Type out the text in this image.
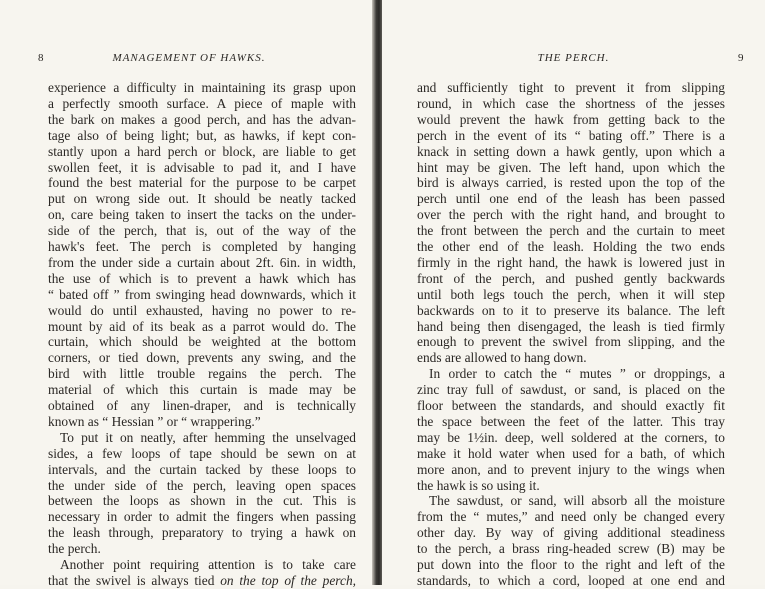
8	MANAGEMENT OF HAWKS.
experience a difficulty in maintaining its grasp upon
a perfectly smooth surface. A piece of maple with
the bark on makes a good perch, and has the advan-
tage also of being light; but, as hawks, if kept con-
stantly upon a hard perch or block, are liable to get
swollen feet, it is advisable to pad it, and I have
found the best material for the purpose to be carpet
put on wrong side out. It should be neatly tacked
on, care being taken to insert the tacks on the under-
side of the perch, that is, out of the way of the
hawk's feet. The perch is completed by hanging
from the under side a curtain about 2ft. 6in. in width,
the use of which is to prevent a hawk which has
“ bated off ” from swinging head downwards, which it
would do until exhausted, having no power to re-
mount by aid of its beak as a parrot would do. The
curtain, which should be weighted at the bottom
corners, or tied down, prevents any swing, and the
bird with little trouble regains the perch. The
material of which this curtain is made may be
obtained of any linen-draper, and is technically
known as “ Hessian ” or “ wrappering.”
To put it on neatly, after hemming the unselvaged
sides, a few loops of tape should be sewn on at
intervals, and the curtain tacked by these loops to
the under side of the perch, leaving open spaces
between the loops as shown in the cut. This is
necessary in order to admit the fingers when passing
the leash through, preparatory to trying a hawk on
the perch.
Another point requiring attention is to take care
that the swivel is always tied on the top of the perch,
THE PERCH.	9
and sufficiently tight to prevent it from slipping
round, in which case the shortness of the jesses
would prevent the hawk from getting back to the
perch in the event of its “ bating off.” There is a
knack in setting down a hawk gently, upon which a
hint may be given. The left hand, upon which the
bird is always carried, is rested upon the top of the
perch until one end of the leash has been passed
over the perch with the right hand, and brought to
the front between the perch and the curtain to meet
the other end of the leash. Holding the two ends
firmly in the right hand, the hawk is lowered just in
front of the perch, and pushed gently backwards
until both legs touch the perch, when it will step
backwards on to it to preserve its balance. The left
hand being then disengaged, the leash is tied firmly
enough to prevent the swivel from slipping, and the
ends are allowed to hang down.
In order to catch the “ mutes ” or droppings, a
zinc tray full of sawdust, or sand, is placed on the
floor between the standards, and should exactly fit
the space between the feet of the latter. This tray
may be 1½in. deep, well soldered at the corners, to
make it hold water when used for a bath, of which
more anon, and to prevent injury to the wings when
the hawk is so using it.
The sawdust, or sand, will absorb all the moisture
from the “ mutes,” and need only be changed every
other day. By way of giving additional steadiness
to the perch, a brass ring-headed screw (B) may be
put down into the floor to the right and left of the
standards, to which a cord, looped at one end and
